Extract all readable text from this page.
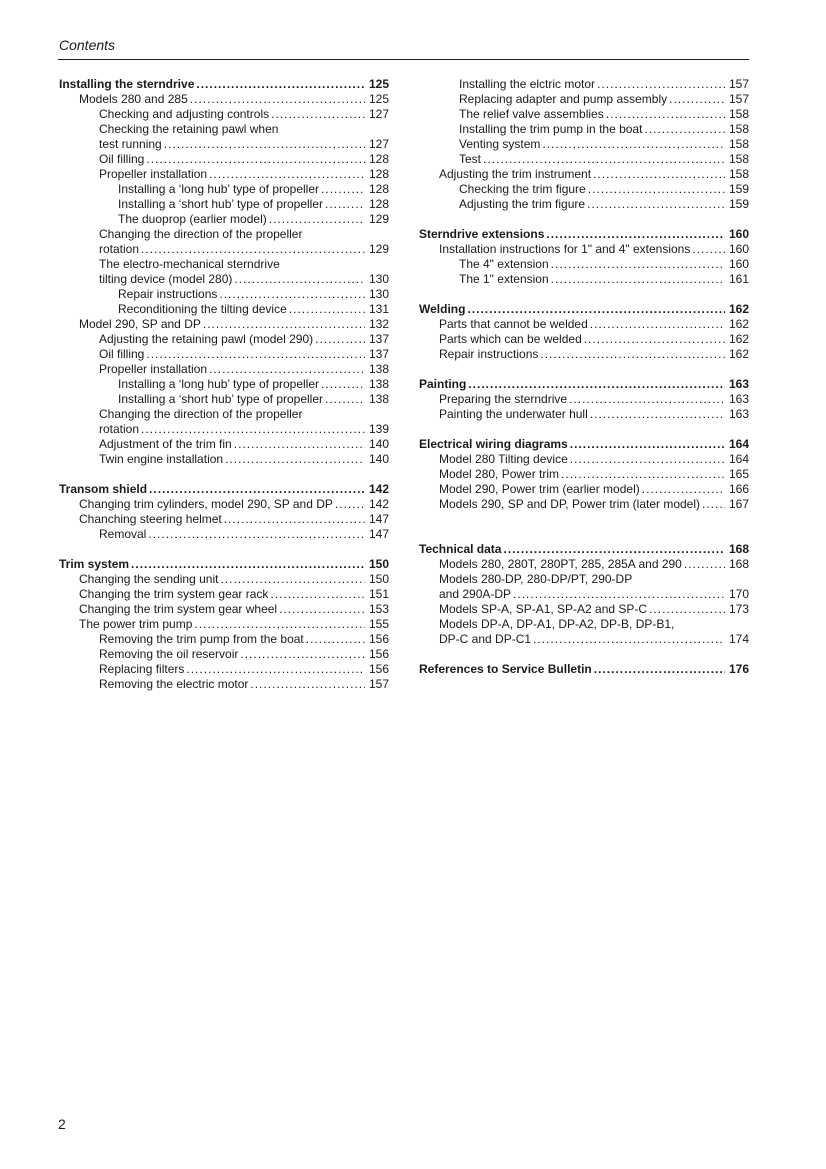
Contents
Installing the sterndrive .....	125
Models 280 and 285 .....	125
Checking and adjusting controls .....	127
Checking the retaining pawl when
test running .....	127
Oil filling .....	128
Propeller installation .....	128
Installing a ‘long hub’ type of propeller .....	128
Installing a ‘short hub’ type of propeller .....	128
The duoprop (earlier model) .....	129
Changing the direction of the propeller
rotation .....	129
The electro-mechanical sterndrive
tilting device (model 280) .....	130
Repair instructions .....	130
Reconditioning the tilting device .....	131
Model 290, SP and DP .....	132
Adjusting the retaining pawl (model 290) .....	137
Oil filling .....	137
Propeller installation .....	138
Installing a ‘long hub’ type of propeller .....	138
Installing a ‘short hub’ type of propeller .....	138
Changing the direction of the propeller
rotation .....	139
Adjustment of the trim fin .....	140
Twin engine installation .....	140
Transom shield .....	142
Changing trim cylinders, model 290, SP and DP .....	142
Chanching steering helmet .....	147
Removal .....	147
Trim system .....	150
Changing the sending unit .....	150
Changing the trim system gear rack .....	151
Changing the trim system gear wheel .....	153
The power trim pump .....	155
Removing the trim pump from the boat .....	156
Removing the oil reservoir .....	156
Replacing filters .....	156
Removing the electric motor .....	157
Installing the elctric motor .....	157
Replacing adapter and pump assembly .....	157
The relief valve assemblies .....	158
Installing the trim pump in the boat .....	158
Venting system .....	158
Test .....	158
Adjusting the trim instrument .....	158
Checking the trim figure .....	159
Adjusting the trim figure .....	159
Sterndrive extensions .....	160
Installation instructions for 1" and 4" extensions .....	160
The 4" extension .....	160
The 1" extension .....	161
Welding .....	162
Parts that cannot be welded .....	162
Parts which can be welded .....	162
Repair instructions .....	162
Painting .....	163
Preparing the sterndrive .....	163
Painting the underwater hull .....	163
Electrical wiring diagrams .....	164
Model 280 Tilting device .....	164
Model 280, Power trim .....	165
Model 290, Power trim (earlier model) .....	166
Models 290, SP and DP, Power trim (later model) ..... 167
Technical data .....	168
Models 280, 280T, 280PT, 285, 285A and 290 .....	168
Models 280-DP, 280-DP/PT, 290-DP
and 290A-DP .....	170
Models SP-A, SP-A1, SP-A2 and SP-C .....	173
Models DP-A, DP-A1, DP-A2, DP-B, DP-B1,
DP-C and DP-C1 .....	174
References to Service Bulletin .....	176
2
